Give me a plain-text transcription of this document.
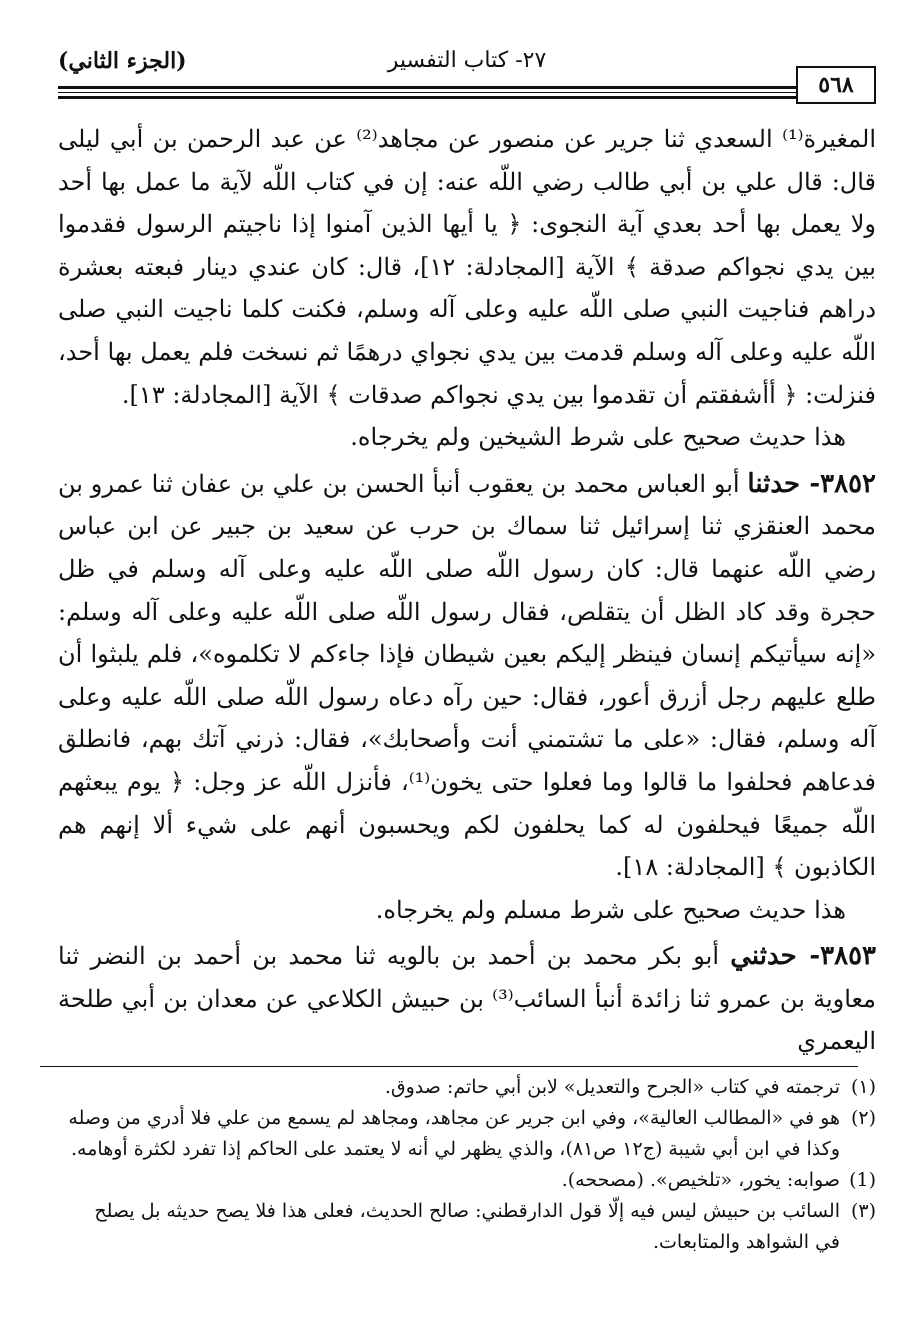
٥٦٨
٢٧- كتاب التفسير
(الجزء الثاني)

المغيرة⁽¹⁾ السعدي ثنا جرير عن منصور عن مجاهد⁽²⁾ عن عبد الرحمن بن أبي ليلى قال: قال علي بن أبي طالب رضي اللّه عنه: إن في كتاب اللّه لآية ما عمل بها أحد ولا يعمل بها أحد بعدي آية النجوى: ﴿ يا أيها الذين آمنوا إذا ناجيتم الرسول فقدموا بين يدي نجواكم صدقة ﴾ الآية [المجادلة: ١٢]، قال: كان عندي دينار فبعته بعشرة دراهم فناجيت النبي صلى اللّه عليه وعلى آله وسلم، فكنت كلما ناجيت النبي صلى اللّه عليه وعلى آله وسلم قدمت بين يدي نجواي درهمًا ثم نسخت فلم يعمل بها أحد، فنزلت: ﴿ أأشفقتم أن تقدموا بين يدي نجواكم صدقات ﴾ الآية [المجادلة: ١٣].

هذا حديث صحيح على شرط الشيخين ولم يخرجاه.

٣٨٥٢- حدثنا أبو العباس محمد بن يعقوب أنبأ الحسن بن علي بن عفان ثنا عمرو بن محمد العنقزي ثنا إسرائيل ثنا سماك بن حرب عن سعيد بن جبير عن ابن عباس رضي اللّه عنهما قال: كان رسول اللّه صلى اللّه عليه وعلى آله وسلم في ظل حجرة وقد كاد الظل أن يتقلص، فقال رسول اللّه صلى اللّه عليه وعلى آله وسلم: «إنه سيأتيكم إنسان فينظر إليكم بعين شيطان فإذا جاءكم لا تكلموه»، فلم يلبثوا أن طلع عليهم رجل أزرق أعور، فقال: حين رآه دعاه رسول اللّه صلى اللّه عليه وعلى آله وسلم، فقال: «على ما تشتمني أنت وأصحابك»، فقال: ذرني آتك بهم، فانطلق فدعاهم فحلفوا ما قالوا وما فعلوا حتى يخون⁽¹⁾، فأنزل اللّه عز وجل: ﴿ يوم يبعثهم اللّه جميعًا فيحلفون له كما يحلفون لكم ويحسبون أنهم على شيء ألا إنهم هم الكاذبون ﴾ [المجادلة: ١٨].

هذا حديث صحيح على شرط مسلم ولم يخرجاه.

٣٨٥٣- حدثني أبو بكر محمد بن أحمد بن بالويه ثنا محمد بن أحمد بن النضر ثنا معاوية بن عمرو ثنا زائدة أنبأ السائب⁽³⁾ بن حبيش الكلاعي عن معدان بن أبي طلحة اليعمري

(١)ترجمته في كتاب «الجرح والتعديل» لابن أبي حاتم: صدوق.

(٢)هو في «المطالب العالية»، وفي ابن جرير عن مجاهد، ومجاهد لم يسمع من علي فلا أدري من وصله

وكذا في ابن أبي شيبة (ج١٢ ص٨١)، والذي يظهر لي أنه لا يعتمد على الحاكم إذا تفرد لكثرة أوهامه.

(1)صوابه: يخور، «تلخيص». (مصححه).

(٣)السائب بن حبيش ليس فيه إلّا قول الدارقطني: صالح الحديث، فعلى هذا فلا يصح حديثه بل يصلح

في الشواهد والمتابعات.
